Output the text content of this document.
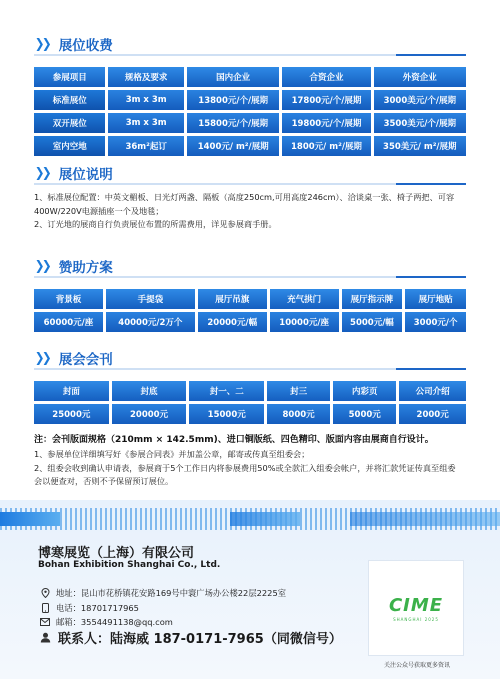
❯❯ 展位收费
参展项目	规格及要求	国内企业	合资企业	外资企业
标准展位	3m x 3m	13800元/个/展期	17800元/个/展期	3000美元/个/展期
双开展位	3m x 3m	15800元/个/展期	19800元/个/展期	3500美元/个/展期
室内空地	36m²起订	1400元/ m²/展期	1800元/ m²/展期	350美元/ m²/展期
❯❯ 展位说明
1、标准展位配置：中英文楣板、日光灯两盏、隔板（高度250cm,可用高度246cm）、洽谈桌一张、椅子两把、可容
400W/220V电源插座一个及地毯；
2、订光地的展商自行负责展位布置的所需费用，详见参展商手册。
❯❯ 赞助方案
背景板	手提袋	展厅吊旗	充气拱门	展厅指示牌	展厅地贴
60000元/座	40000元/2万个	20000元/幅	10000元/座	5000元/幅	3000元/个
❯❯ 展会会刊
封面	封底	封一、二	封三	内彩页	公司介绍
25000元	20000元	15000元	8000元	5000元	2000元
注：会刊版面规格（210mm × 142.5mm)、进口铜版纸、四色精印、版面内容由展商自行设计。
1、参展单位详细填写好《参展合同表》并加盖公章，邮寄或传真至组委会；
2、组委会收到确认申请表，参展商于5个工作日内将参展费用50%或全款汇入组委会帐户，并将汇款凭证传真至组委
会以便查对，否则不予保留预订展位。
博寒展览（上海）有限公司
Bohan Exhibition Shanghai Co., Ltd.
地址：昆山市花桥镇花安路169号中寰广场办公楼22层2225室
电话：18701717965
邮箱：3554491138@qq.com
联系人：陆海威 187-0171-7965（同微信号）
CIME
SHANGHAI 2025
关注公众号获取更多资讯
